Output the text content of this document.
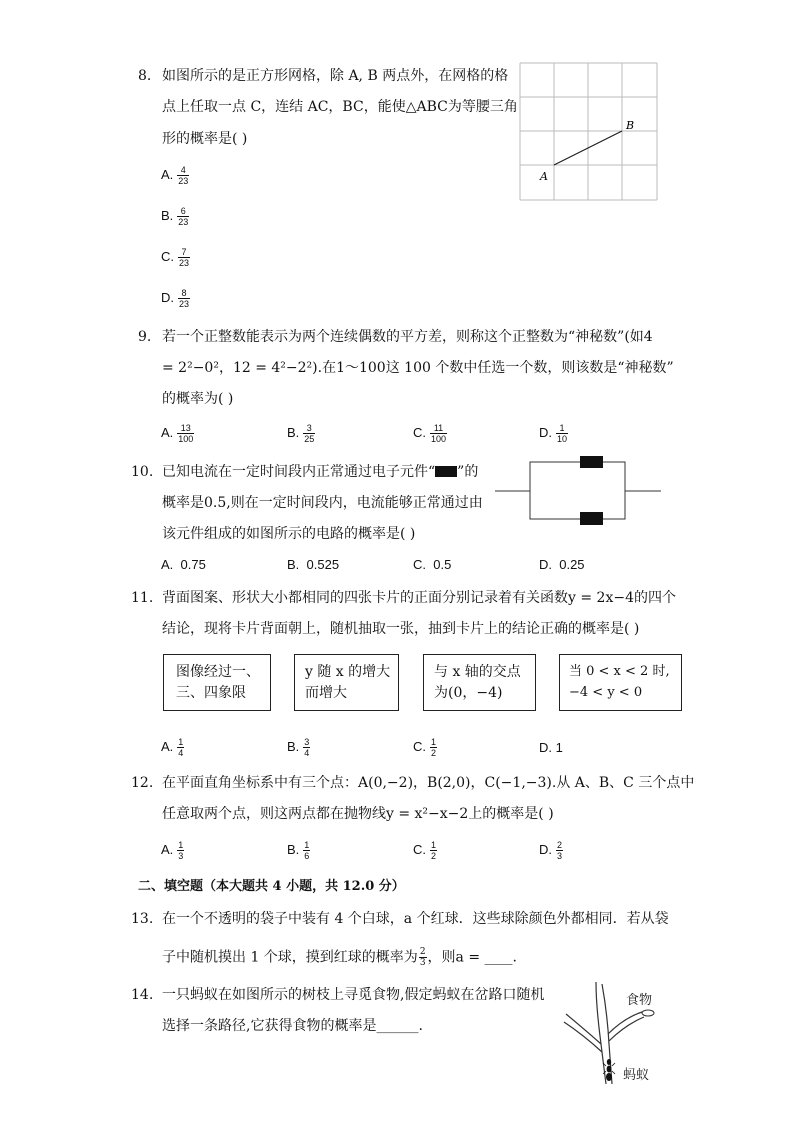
8. 如图所示的是正方形网格，除 A, B 两点外，在网格的格
点上任取一点 C，连结 AC，BC，能使△ABC为等腰三角
形的概率是( )
A
B
A. $\frac{4}{23}$
B. $\frac{6}{23}$
C. $\frac{7}{23}$
D. $\frac{8}{23}$
9. 若一个正整数能表示为两个连续偶数的平方差，则称这个正整数为“神秘数”(如4
= 2²−0²，12 = 4²−2²).在1～100这 100 个数中任选一个数，则该数是“神秘数”
的概率为( )
A. $\frac{13}{100}$	B. $\frac{3}{25}$	C. $\frac{11}{100}$	D. $\frac{1}{10}$
10. 已知电流在一定时间段内正常通过电子元件“ ”的
概率是0.5,则在一定时间段内，电流能够正常通过由
该元件组成的如图所示的电路的概率是( )
A. 0.75	B. 0.525	C. 0.5	D. 0.25
11. 背面图案、形状大小都相同的四张卡片的正面分别记录着有关函数y = 2x−4的四个
结论，现将卡片背面朝上，随机抽取一张，抽到卡片上的结论正确的概率是( )
图像经过一、
三、四象限
y 随 x 的增大
而增大
与 x 轴的交点
为(0，−4)
当 0 < x < 2 时,
−4 < y < 0
A. $\frac{1}{4}$	B. $\frac{3}{4}$	C. $\frac{1}{2}$	D. 1
12. 在平面直角坐标系中有三个点：A(0,−2)，B(2,0)，C(−1,−3).从 A、B、C 三个点中
任意取两个点，则这两点都在抛物线y = x²−x−2上的概率是( )
A. $\frac{1}{3}$	B. $\frac{1}{6}$	C. $\frac{1}{2}$	D. $\frac{2}{3}$
二、填空题（本大题共 4 小题，共 12.0 分）
13. 在一个不透明的袋子中装有 4 个白球，a 个红球．这些球除颜色外都相同．若从袋
子中随机摸出 1 个球，摸到红球的概率为 $\frac{2}{3}$ ，则a = ____.
14. 一只蚂蚁在如图所示的树枝上寻觅食物,假定蚂蚁在岔路口随机
选择一条路径,它获得食物的概率是______.
食物
蚂蚁
